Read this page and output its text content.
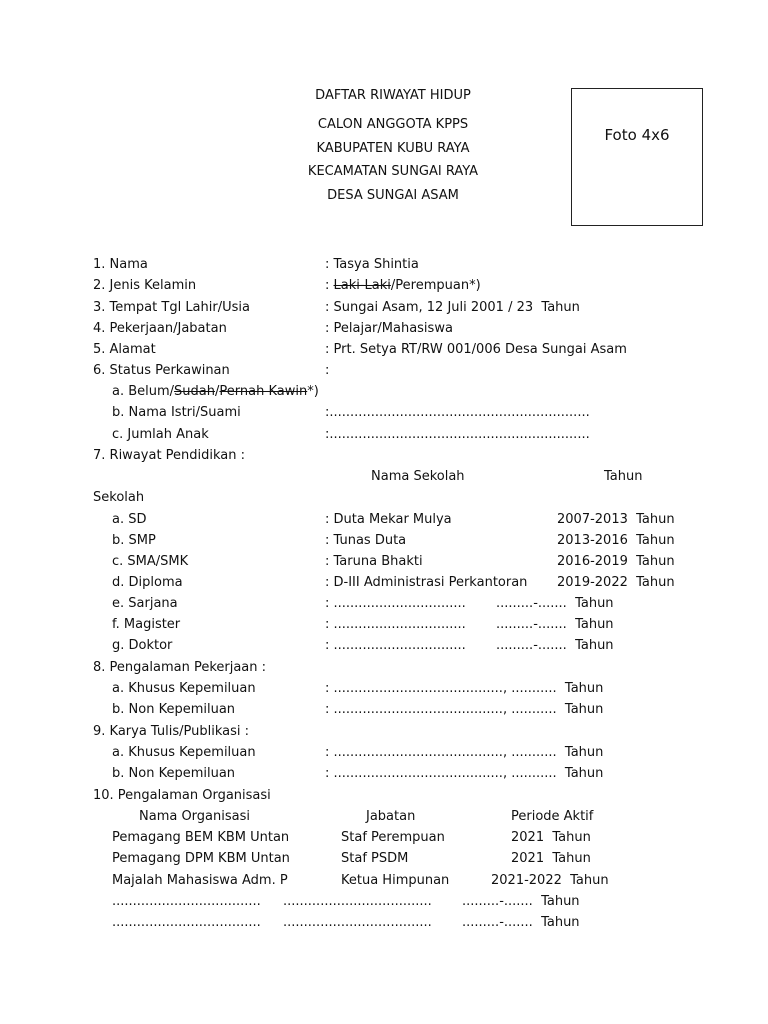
DAFTAR RIWAYAT HIDUP
CALON ANGGOTA KPPS
KABUPATEN KUBU RAYA
KECAMATAN SUNGAI RAYA
DESA SUNGAI ASAM
Foto 4x6
1. Nama	: Tasya Shintia
2. Jenis Kelamin	: Laki-Laki/Perempuan*)
3. Tempat Tgl Lahir/Usia	: Sungai Asam, 12 Juli 2001 / 23  Tahun
4. Pekerjaan/Jabatan	: Pelajar/Mahasiswa
5. Alamat	: Prt. Setya RT/RW 001/006 Desa Sungai Asam
6. Status Perkawinan	:
a. Belum/Sudah/Pernah Kawin*)
b. Nama Istri/Suami	:...............................................................
c. Jumlah Anak	:...............................................................
7. Riwayat Pendidikan :
Nama Sekolah	Tahun
Sekolah
a. SD	: Duta Mekar Mulya	2007-2013  Tahun
b. SMP	: Tunas Duta	2013-2016  Tahun
c. SMA/SMK	: Taruna Bhakti	2016-2019  Tahun
d. Diploma	: D-III Administrasi Perkantoran 2019-2022  Tahun
e. Sarjana	: ................................ .........-.......  Tahun
f. Magister	: ................................ .........-.......  Tahun
g. Doktor	: ................................ .........-.......  Tahun
8. Pengalaman Pekerjaan :
a. Khusus Kepemiluan	: ........................................., ...........  Tahun
b. Non Kepemiluan	: ........................................., ...........  Tahun
9. Karya Tulis/Publikasi :
a. Khusus Kepemiluan	: ........................................., ...........  Tahun
b. Non Kepemiluan	: ........................................., ...........  Tahun
10. Pengalaman Organisasi
Nama Organisasi	Jabatan	Periode Aktif
Pemagang BEM KBM Untan	Staf Perempuan	2021  Tahun
Pemagang DPM KBM Untan	Staf PSDM	2021  Tahun
Majalah Mahasiswa Adm. P	Ketua Himpunan	2021-2022  Tahun
.................................... .................................... .........-.......  Tahun
.................................... .................................... .........-.......  Tahun
